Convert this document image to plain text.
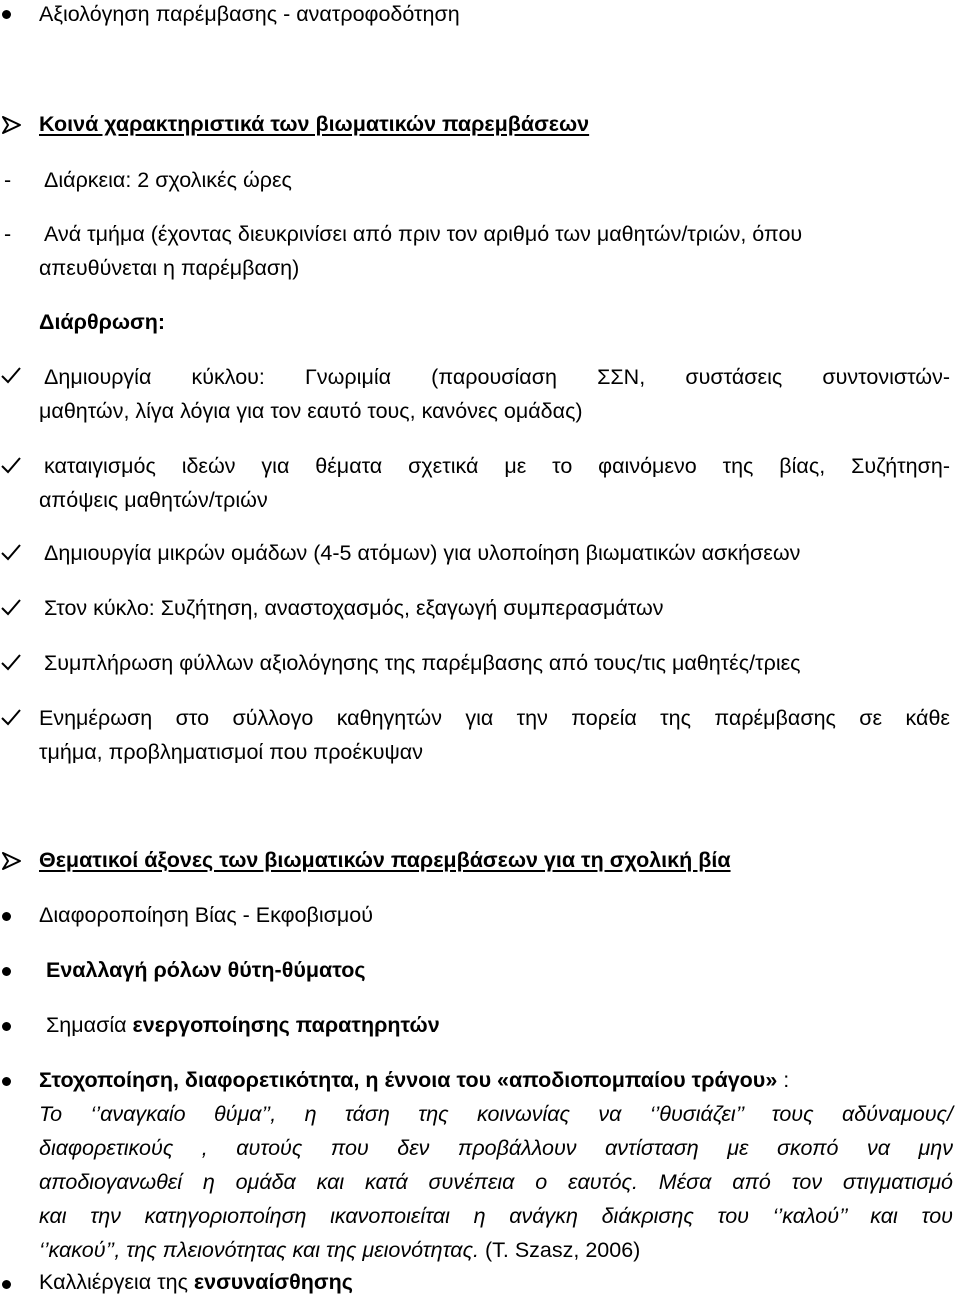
Αξιολόγηση παρέμβασης - ανατροφοδότηση
Κοινά χαρακτηριστικά των βιωματικών παρεμβάσεων
- Διάρκεια: 2 σχολικές ώρες
- Ανά τμήμα (έχοντας διευκρινίσει από πριν τον αριθμό των μαθητών/τριών, όπου
απευθύνεται η παρέμβαση)
Διάρθρωση:
Δημιουργία κύκλου: Γνωριμία (παρουσίαση ΣΣΝ, συστάσεις συντονιστών-
μαθητών, λίγα λόγια για τον εαυτό τους, κανόνες ομάδας)
καταιγισμός ιδεών για θέματα σχετικά με το φαινόμενο της βίας, Συζήτηση-
απόψεις μαθητών/τριών
Δημιουργία μικρών ομάδων (4-5 ατόμων) για υλοποίηση βιωματικών ασκήσεων
Στον κύκλο: Συζήτηση, αναστοχασμός, εξαγωγή συμπερασμάτων
Συμπλήρωση φύλλων αξιολόγησης της παρέμβασης από τους/τις μαθητές/τριες
Ενημέρωση στο σύλλογο καθηγητών για την πορεία της παρέμβασης σε κάθε
τμήμα, προβληματισμοί που προέκυψαν
Θεματικοί άξονες των βιωματικών παρεμβάσεων για τη σχολική βία
Διαφοροποίηση Βίας - Εκφοβισμού
Εναλλαγή ρόλων θύτη-θύματος
Σημασία ενεργοποίησης παρατηρητών
Στοχοποίηση, διαφορετικότητα, η έννοια του «αποδιοπομπαίου τράγου» :
Το ‘’αναγκαίο θύμα’’, η τάση της κοινωνίας να ‘’θυσιάζει’’ τους αδύναμους/
διαφορετικούς , αυτούς που δεν προβάλλουν αντίσταση με σκοπό να μην
αποδιογανωθεί η ομάδα και κατά συνέπεια ο εαυτός. Μέσα από τον στιγματισμό
και την κατηγοριοποίηση ικανοποιείται η ανάγκη διάκρισης του ‘’καλού’’ και του
‘’κακού’’, της πλειονότητας και της μειονότητας. (T. Szasz, 2006)
Καλλιέργεια της ενσυναίσθησης
